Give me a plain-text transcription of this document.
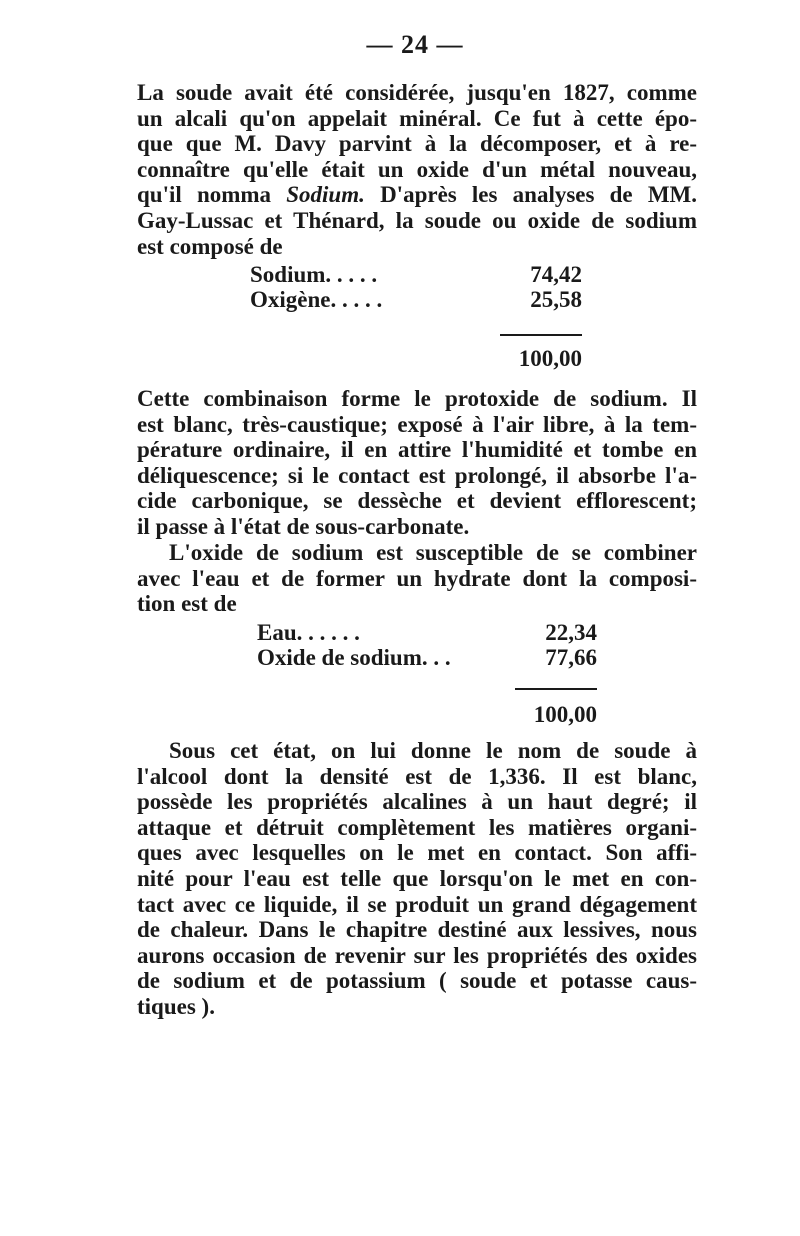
— 24 —
La soude avait été considérée, jusqu'en 1827, comme
un alcali qu'on appelait minéral. Ce fut à cette épo-
que que M. Davy parvint à la décomposer, et à re-
connaître qu'elle était un oxide d'un métal nouveau,
qu'il nomma Sodium. D'après les analyses de MM.
Gay-Lussac et Thénard, la soude ou oxide de sodium
est composé de
Sodium. . . . .	74,42
Oxigène. . . . .	25,58
100,00
Cette combinaison forme le protoxide de sodium. Il
est blanc, très-caustique; exposé à l'air libre, à la tem-
pérature ordinaire, il en attire l'humidité et tombe en
déliquescence; si le contact est prolongé, il absorbe l'a-
cide carbonique, se dessèche et devient efflorescent;
il passe à l'état de sous-carbonate.
L'oxide de sodium est susceptible de se combiner
avec l'eau et de former un hydrate dont la composi-
tion est de
Eau. . . . . .	22,34
Oxide de sodium. . .	77,66
100,00
Sous cet état, on lui donne le nom de soude à
l'alcool dont la densité est de 1,336. Il est blanc,
possède les propriétés alcalines à un haut degré; il
attaque et détruit complètement les matières organi-
ques avec lesquelles on le met en contact. Son affi-
nité pour l'eau est telle que lorsqu'on le met en con-
tact avec ce liquide, il se produit un grand dégagement
de chaleur. Dans le chapitre destiné aux lessives, nous
aurons occasion de revenir sur les propriétés des oxides
de sodium et de potassium ( soude et potasse caus-
tiques ).
